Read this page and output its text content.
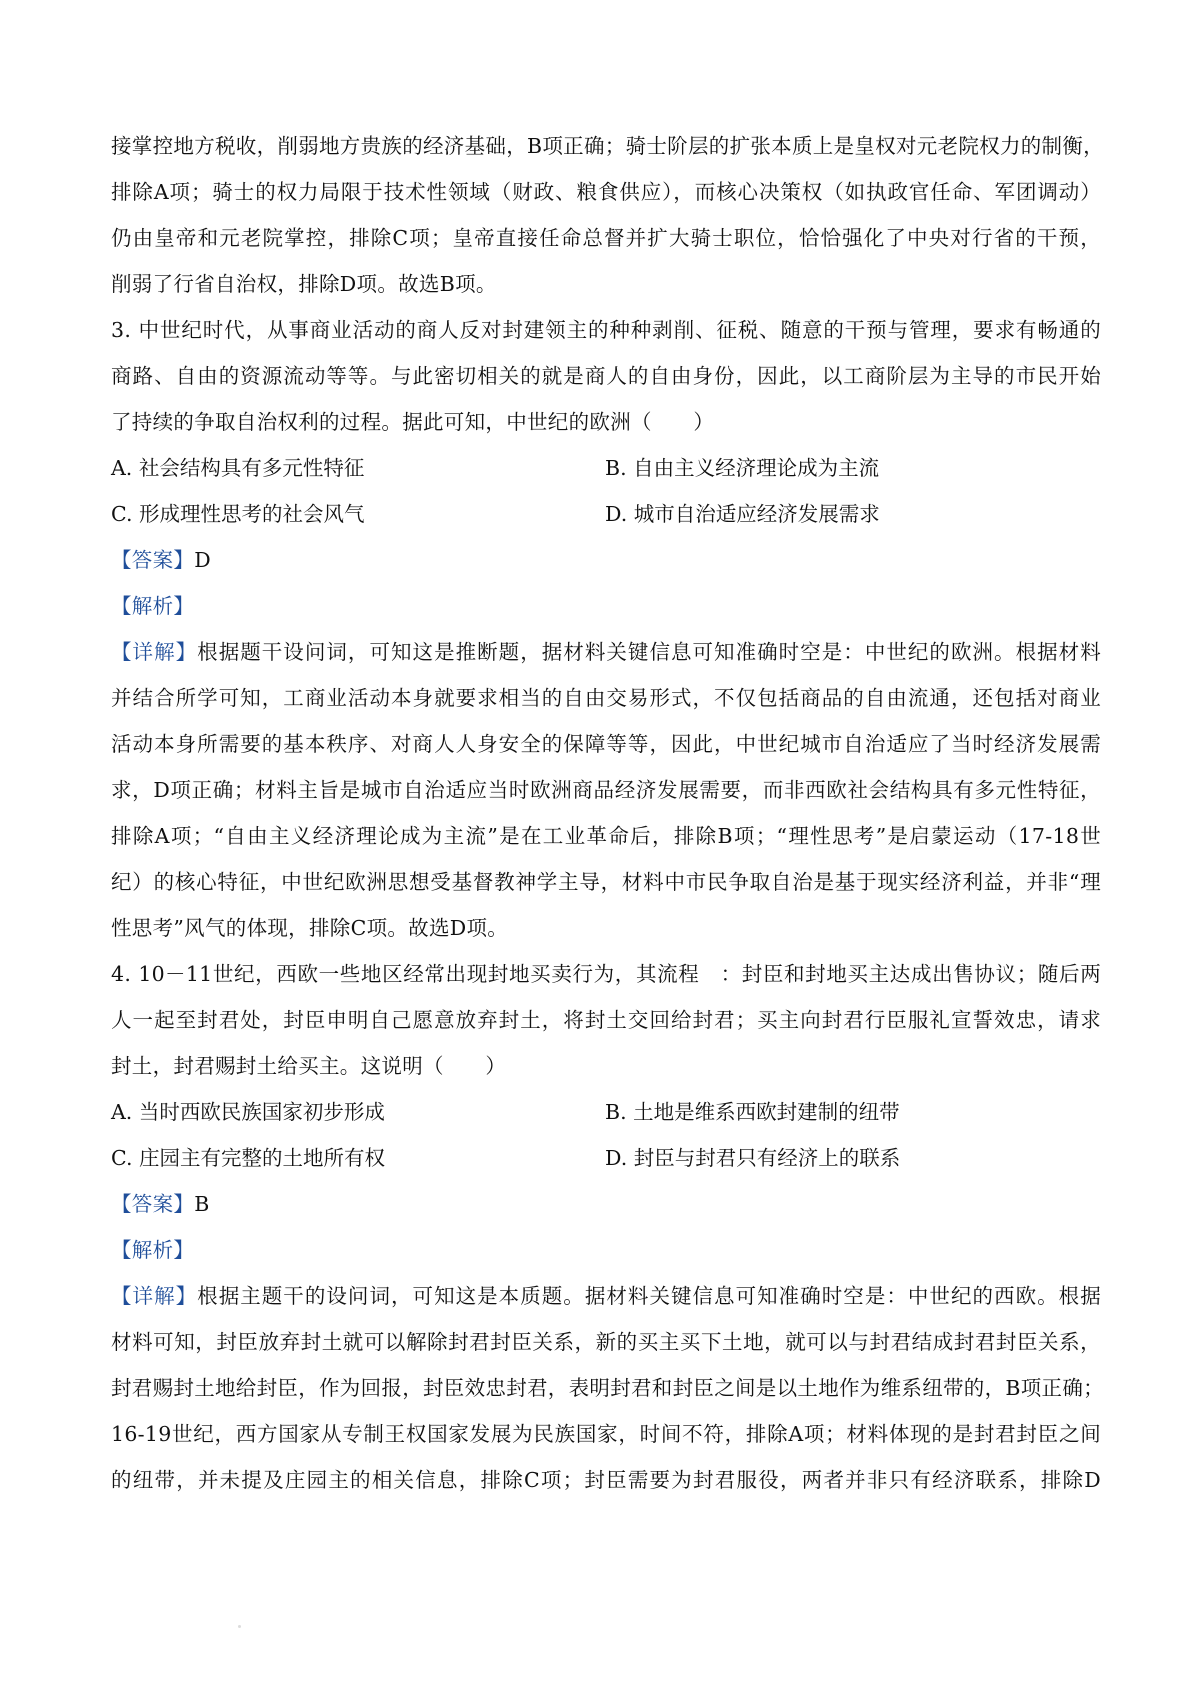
接掌控地方税收，削弱地方贵族的经济基础，B项正确；骑士阶层的扩张本质上是皇权对元老院权力的制衡，
排除A项；骑士的权力局限于技术性领域（财政、粮食供应），而核心决策权（如执政官任命、军团调动）
仍由皇帝和元老院掌控，排除C项；皇帝直接任命总督并扩大骑士职位，恰恰强化了中央对行省的干预，
削弱了行省自治权，排除D项。故选B项。
3. 中世纪时代，从事商业活动的商人反对封建领主的种种剥削、征税、随意的干预与管理，要求有畅通的
商路、自由的资源流动等等。与此密切相关的就是商人的自由身份，因此，以工商阶层为主导的市民开始
了持续的争取自治权利的过程。据此可知，中世纪的欧洲（　　）
A. 社会结构具有多元性特征	B. 自由主义经济理论成为主流
C. 形成理性思考的社会风气	D. 城市自治适应经济发展需求
【答案】D
【解析】
【详解】根据题干设问词，可知这是推断题，据材料关键信息可知准确时空是：中世纪的欧洲。根据材料
并结合所学可知，工商业活动本身就要求相当的自由交易形式，不仅包括商品的自由流通，还包括对商业
活动本身所需要的基本秩序、对商人人身安全的保障等等，因此，中世纪城市自治适应了当时经济发展需
求，D项正确；材料主旨是城市自治适应当时欧洲商品经济发展需要，而非西欧社会结构具有多元性特征，
排除A项；“自由主义经济理论成为主流”是在工业革命后，排除B项；“理性思考”是启蒙运动（17-18世
纪）的核心特征，中世纪欧洲思想受基督教神学主导，材料中市民争取自治是基于现实经济利益，并非“理
性思考”风气的体现，排除C项。故选D项。
4. 10－11世纪，西欧一些地区经常出现封地买卖行为，其流程　：封臣和封地买主达成出售协议；随后两
人一起至封君处，封臣申明自己愿意放弃封土，将封土交回给封君；买主向封君行臣服礼宣誓效忠，请求
封土，封君赐封土给买主。这说明（　　）
A. 当时西欧民族国家初步形成	B. 土地是维系西欧封建制的纽带
C. 庄园主有完整的土地所有权	D. 封臣与封君只有经济上的联系
【答案】B
【解析】
【详解】根据主题干的设问词，可知这是本质题。据材料关键信息可知准确时空是：中世纪的西欧。根据
材料可知，封臣放弃封土就可以解除封君封臣关系，新的买主买下土地，就可以与封君结成封君封臣关系，
封君赐封土地给封臣，作为回报，封臣效忠封君，表明封君和封臣之间是以土地作为维系纽带的，B项正确；
16-19世纪，西方国家从专制王权国家发展为民族国家，时间不符，排除A项；材料体现的是封君封臣之间
的纽带，并未提及庄园主的相关信息，排除C项；封臣需要为封君服役，两者并非只有经济联系，排除D
